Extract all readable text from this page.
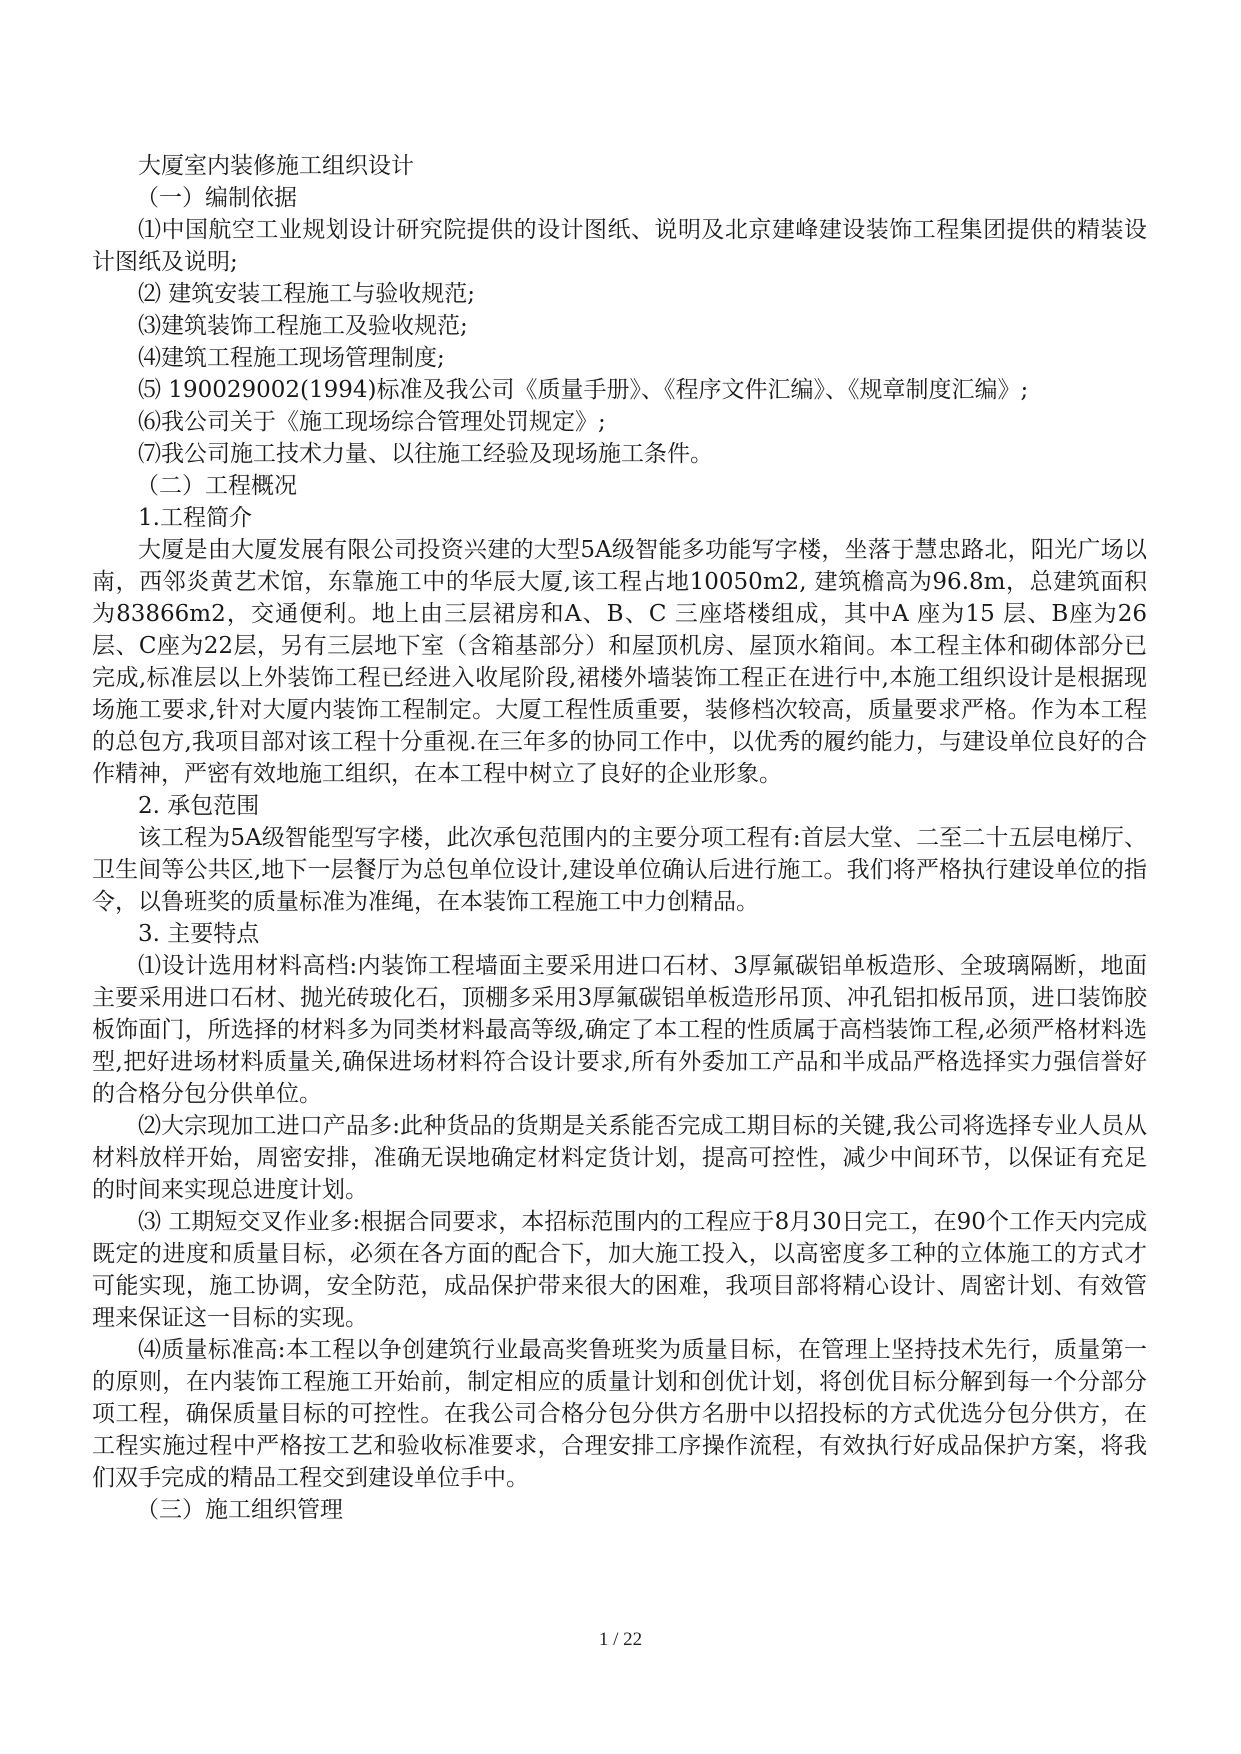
大厦室内装修施工组织设计

（一）编制依据

⑴中国航空工业规划设计研究院提供的设计图纸、说明及北京建峰建设装饰工程集团提供的精装设计图纸及说明;

⑵ 建筑安装工程施工与验收规范;

⑶建筑装饰工程施工及验收规范;

⑷建筑工程施工现场管理制度;

⑸ 190029002(1994)标准及我公司《质量手册》、《程序文件汇编》、《规章制度汇编》;

⑹我公司关于《施工现场综合管理处罚规定》;

⑺我公司施工技术力量、以往施工经验及现场施工条件。

（二）工程概况

1.工程简介

大厦是由大厦发展有限公司投资兴建的大型5A级智能多功能写字楼，坐落于慧忠路北，阳光广场以南，西邻炎黄艺术馆，东靠施工中的华辰大厦,该工程占地10050m2, 建筑檐高为96.8m，总建筑面积为83866m2，交通便利。地上由三层裙房和A、B、C 三座塔楼组成，其中A 座为15 层、B座为26层、C座为22层，另有三层地下室（含箱基部分）和屋顶机房、屋顶水箱间。本工程主体和砌体部分已完成,标准层以上外装饰工程已经进入收尾阶段,裙楼外墙装饰工程正在进行中,本施工组织设计是根据现场施工要求,针对大厦内装饰工程制定。大厦工程性质重要，装修档次较高，质量要求严格。作为本工程的总包方,我项目部对该工程十分重视.在三年多的协同工作中，以优秀的履约能力，与建设单位良好的合作精神，严密有效地施工组织，在本工程中树立了良好的企业形象。

2. 承包范围

该工程为5A级智能型写字楼，此次承包范围内的主要分项工程有:首层大堂、二至二十五层电梯厅、卫生间等公共区,地下一层餐厅为总包单位设计,建设单位确认后进行施工。我们将严格执行建设单位的指令，以鲁班奖的质量标准为准绳，在本装饰工程施工中力创精品。

3. 主要特点

⑴设计选用材料高档:内装饰工程墙面主要采用进口石材、3厚氟碳铝单板造形、全玻璃隔断，地面主要采用进口石材、抛光砖玻化石，顶棚多采用3厚氟碳铝单板造形吊顶、冲孔铝扣板吊顶，进口装饰胶板饰面门，所选择的材料多为同类材料最高等级,确定了本工程的性质属于高档装饰工程,必须严格材料选型,把好进场材料质量关,确保进场材料符合设计要求,所有外委加工产品和半成品严格选择实力强信誉好的合格分包分供单位。

⑵大宗现加工进口产品多:此种货品的货期是关系能否完成工期目标的关键,我公司将选择专业人员从材料放样开始，周密安排，准确无误地确定材料定货计划，提高可控性，减少中间环节，以保证有充足的时间来实现总进度计划。

⑶ 工期短交叉作业多:根据合同要求，本招标范围内的工程应于8月30日完工，在90个工作天内完成既定的进度和质量目标，必须在各方面的配合下，加大施工投入，以高密度多工种的立体施工的方式才可能实现，施工协调，安全防范，成品保护带来很大的困难，我项目部将精心设计、周密计划、有效管理来保证这一目标的实现。

⑷质量标准高:本工程以争创建筑行业最高奖鲁班奖为质量目标，在管理上坚持技术先行，质量第一的原则，在内装饰工程施工开始前，制定相应的质量计划和创优计划，将创优目标分解到每一个分部分项工程，确保质量目标的可控性。在我公司合格分包分供方名册中以招投标的方式优选分包分供方，在工程实施过程中严格按工艺和验收标准要求，合理安排工序操作流程，有效执行好成品保护方案，将我们双手完成的精品工程交到建设单位手中。

（三）施工组织管理

1 / 22
